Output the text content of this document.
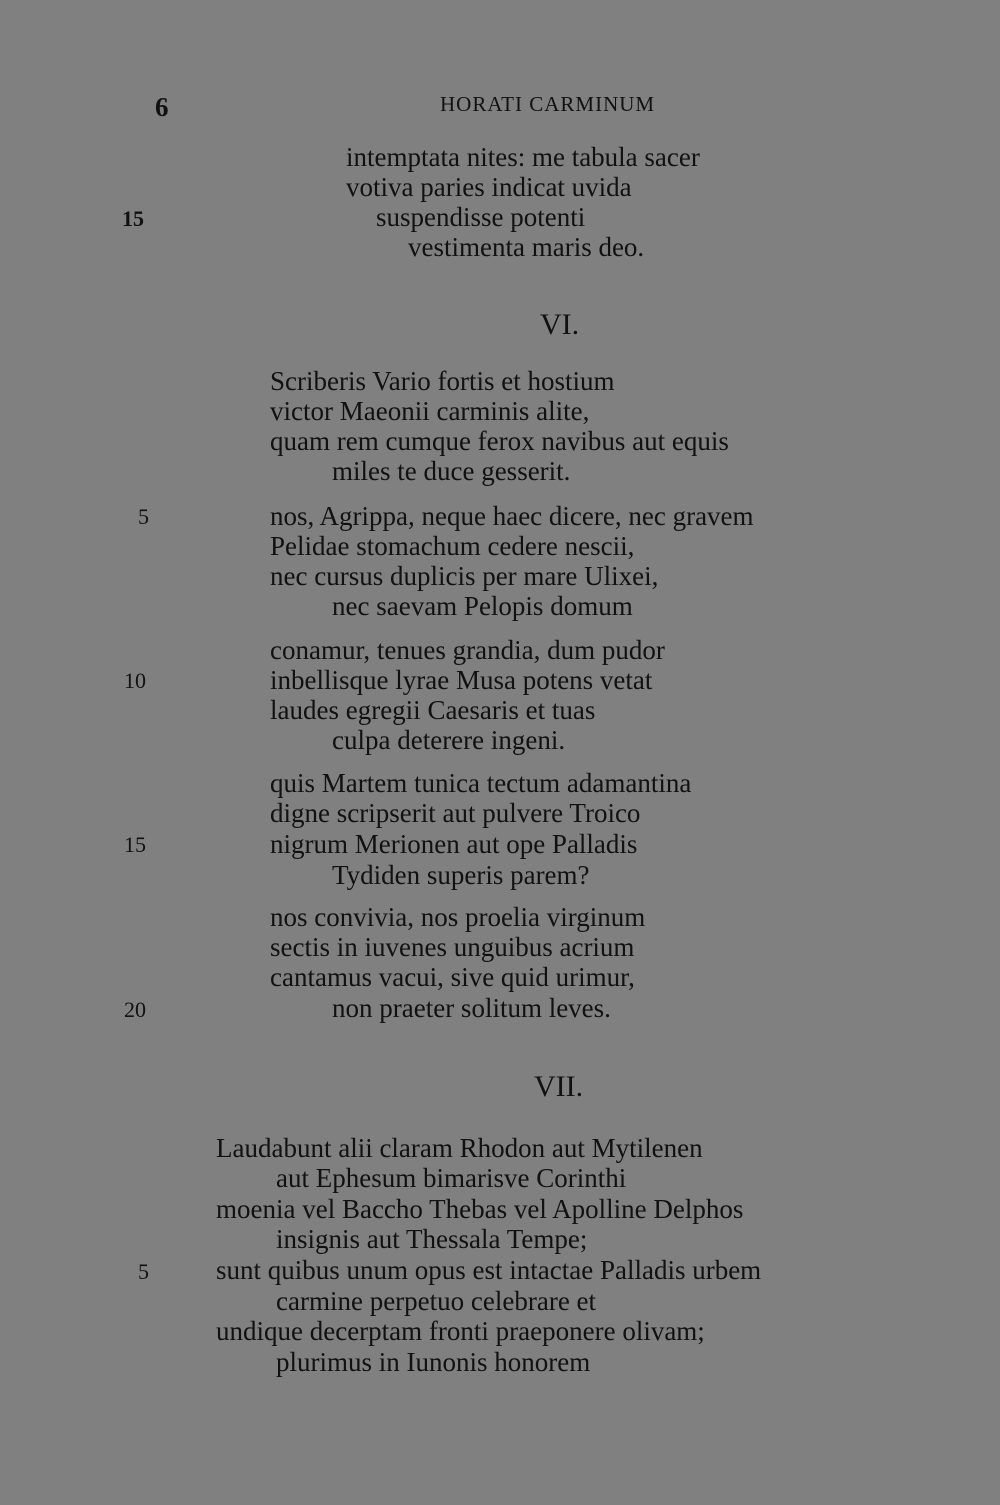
6	HORATI CARMINUM
intemptata nites: me tabula sacer
votiva paries indicat uvida
15	suspendisse potenti
vestimenta maris deo.
VI.
Scriberis Vario fortis et hostium
victor Maeonii carminis alite,
quam rem cumque ferox navibus aut equis
miles te duce gesserit.
5	nos, Agrippa, neque haec dicere, nec gravem
Pelidae stomachum cedere nescii,
nec cursus duplicis per mare Ulixei,
nec saevam Pelopis domum
conamur, tenues grandia, dum pudor
10	inbellisque lyrae Musa potens vetat
laudes egregii Caesaris et tuas
culpa deterere ingeni.
quis Martem tunica tectum adamantina
digne scripserit aut pulvere Troico
15	nigrum Merionen aut ope Palladis
Tydiden superis parem?
nos convivia, nos proelia virginum
sectis in iuvenes unguibus acrium
cantamus vacui, sive quid urimur,
20	non praeter solitum leves.
VII.
Laudabunt alii claram Rhodon aut Mytilenen
aut Ephesum bimarisve Corinthi
moenia vel Baccho Thebas vel Apolline Delphos
insignis aut Thessala Tempe;
5 sunt quibus unum opus est intactae Palladis urbem
carmine perpetuo celebrare et
undique decerptam fronti praeponere olivam;
plurimus in Iunonis honorem
